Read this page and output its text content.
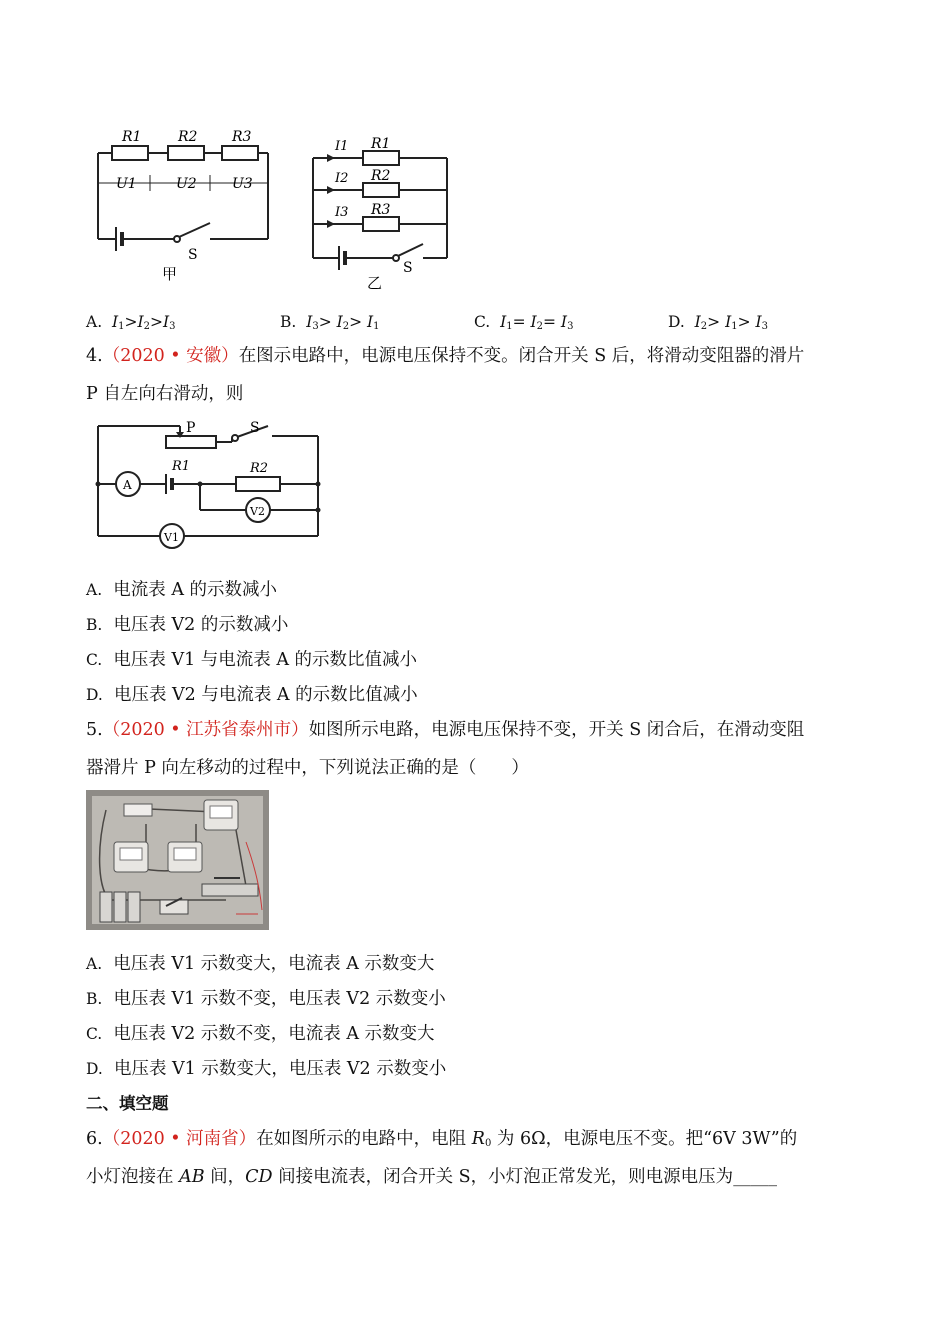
R1	R2 R3
U1	U2	U3
S
甲
I1 R1
I2 R2
I3 R3
S
乙
A. $I_1>I_2>I_3$	B. $I_3> I_2> I_1$	C. $I_1= I_2= I_3$	D. $I_2> I_1> I_3$
4.（2020 • 安徽）在图示电路中，电源电压保持不变。闭合开关 S 后，将滑动变阻器的滑片
P 自左向右滑动，则
P	S
R1	R2
A
V2
V1
A. 电流表 A 的示数减小
B. 电压表 V2 的示数减小
C. 电压表 V1 与电流表 A 的示数比值减小
D. 电压表 V2 与电流表 A 的示数比值减小
5.（2020 • 江苏省泰州市）如图所示电路，电源电压保持不变，开关 S 闭合后，在滑动变阻
器滑片 P 向左移动的过程中，下列说法正确的是（　　）
A. 电压表 V1 示数变大，电流表 A 示数变大
B. 电压表 V1 示数不变，电压表 V2 示数变小
C. 电压表 V2 示数不变，电流表 A 示数变大
D. 电压表 V1 示数变大，电压表 V2 示数变小
二、填空题
6.（2020 • 河南省）在如图所示的电路中，电阻 $R_0$ 为 6Ω，电源电压不变。把“6V 3W”的
小灯泡接在 AB 间，CD 间接电流表，闭合开关 S，小灯泡正常发光，则电源电压为_____
